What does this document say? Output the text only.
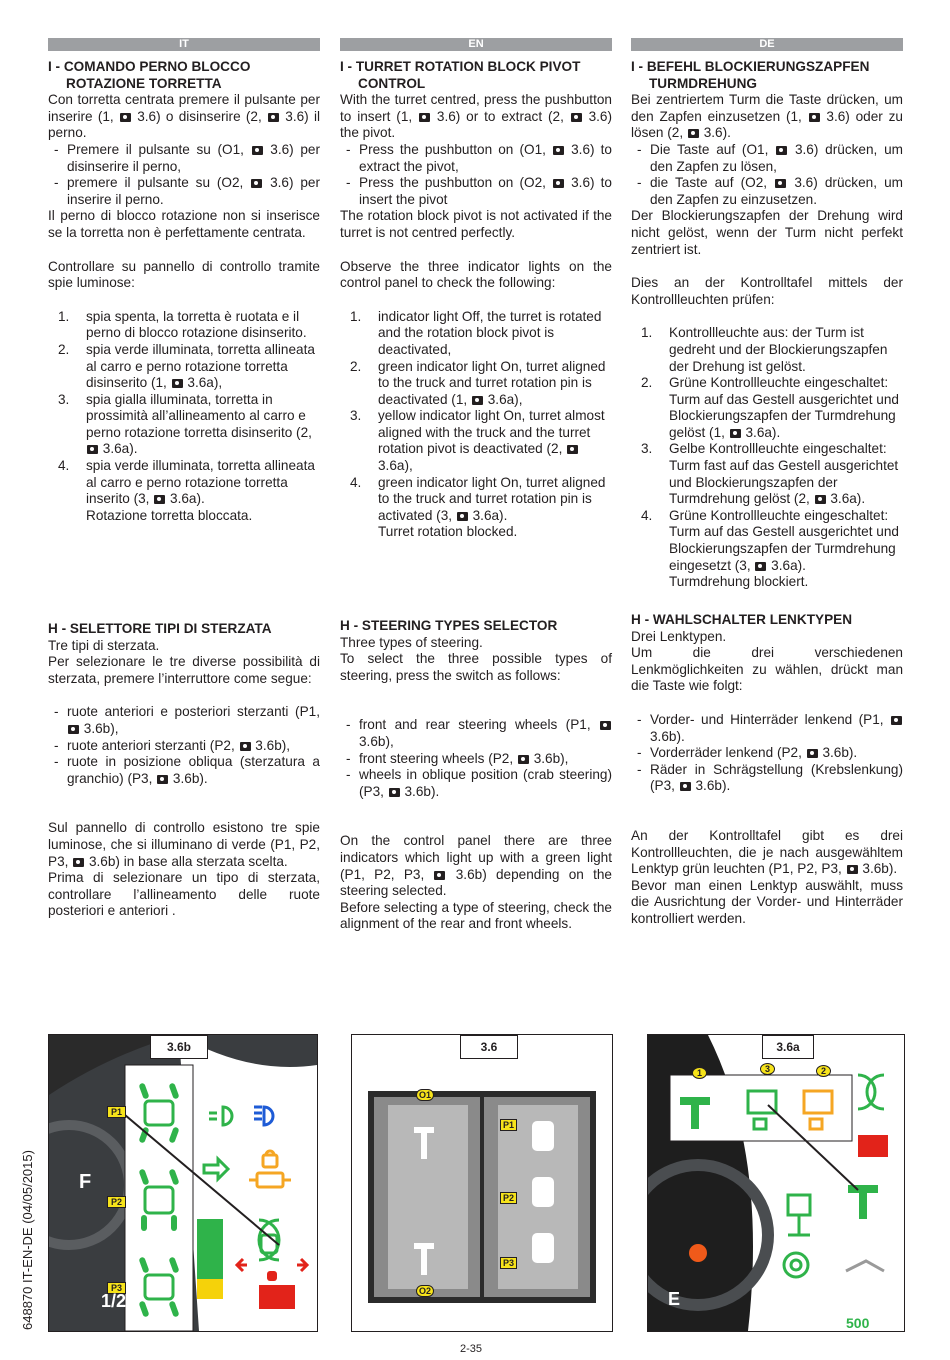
IT
I - COMANDO PERNO BLOCCO
ROTAZIONE TORRETTA

Con torretta centrata premere il pulsante per inserire (1,  3.6) o disinserire (2,  3.6) il perno.

- Premere il pulsante su (O1,  3.6) per disinserire il perno,
- premere il pulsante su (O2,  3.6) per inserire il perno.

Il perno di blocco rotazione non si inserisce se la torretta non è perfettamente centrata.

Controllare su pannello di controllo tramite spie luminose:

1. spia spenta, la torretta è ruotata e il perno di blocco rotazione disinserito.
2. spia verde illuminata, torretta allineata al carro e perno rotazione torretta disinserito (1,  3.6a),
3. spia gialla illuminata, torretta in prossimità all’allineamento al carro e perno rotazione torretta disinserito (2,  3.6a).
4. spia verde illuminata, torretta allineata al carro e perno rotazione torretta inserito (3,  3.6a).
Rotazione torretta bloccata.
H - SELETTORE TIPI DI STERZATA

Tre tipi di sterzata.

Per selezionare le tre diverse possibilità di sterzata, premere l’interruttore come segue:

- ruote anteriori e posteriori sterzanti (P1,  3.6b),
- ruote anteriori sterzanti (P2,  3.6b),
- ruote in posizione obliqua (sterzatura a granchio) (P3,  3.6b).

Sul pannello di controllo esistono tre spie luminose, che si illuminano di verde (P1, P2, P3,  3.6b) in base alla sterzata scelta.

Prima di selezionare un tipo di sterzata, controllare l’allineamento delle ruote posteriori e anteriori .

EN
I - TURRET ROTATION BLOCK PIVOT
CONTROL

With the turret centred, press the pushbutton to insert (1,  3.6) or to extract (2,  3.6) the pivot.

- Press the pushbutton on (O1,  3.6) to extract the pivot,
- Press the pushbutton on (O2,  3.6) to insert the pivot

The rotation block pivot is not activated if the turret is not centred perfectly.

Observe the three indicator lights on the control panel to check the following:

1. indicator light Off, the turret is rotated and the rotation block pivot is deactivated,
2. green indicator light On, turret aligned to the truck and turret rotation pin is deactivated (1,  3.6a),
3. yellow indicator light On, turret almost aligned with the truck and the turret rotation pivot is deactivated (2,  3.6a),
4. green indicator light On, turret aligned to the truck and turret rotation pin is activated (3,  3.6a).
Turret rotation blocked.
H - STEERING TYPES SELECTOR

Three types of steering.

To select the three possible types of steering, press the switch as follows:

- front and rear steering wheels (P1,  3.6b),
- front steering wheels (P2,  3.6b),
- wheels in oblique position (crab steering) (P3,  3.6b).

On the control panel there are three indicators which light up with a green light (P1, P2, P3,  3.6b) depending on the steering selected.

Before selecting a type of steering, check the alignment of the rear and front wheels.

DE
I - BEFEHL BLOCKIERUNGSZAPFEN
TURMDREHUNG

Bei zentriertem Turm die Taste drücken, um den Zapfen einzusetzen (1,  3.6) oder zu lösen (2,  3.6).

- Die Taste auf (O1,  3.6) drücken, um den Zapfen zu lösen,
- die Taste auf (O2,  3.6) drücken, um den Zapfen zu einzusetzen.

Der Blockierungszapfen der Drehung wird nicht gelöst, wenn der Turm nicht perfekt zentriert ist.

Dies an der Kontrolltafel mittels der Kontrollleuchten prüfen:

1. Kontrollleuchte aus: der Turm ist gedreht und der Blockierungszapfen der Drehung ist gelöst.
2. Grüne Kontrollleuchte eingeschaltet: Turm auf das Gestell ausgerichtet und Blockierungszapfen der Turmdrehung gelöst (1,  3.6a).
3. Gelbe Kontrollleuchte eingeschaltet: Turm fast auf das Gestell ausgerichtet und Blockierungszapfen der Turmdrehung gelöst (2,  3.6a).
4. Grüne Kontrollleuchte eingeschaltet: Turm auf das Gestell ausgerichtet und Blockierungszapfen der Turmdrehung eingesetzt (3,  3.6a).
Turmdrehung blockiert.
H - WAHLSCHALTER LENKTYPEN

Drei Lenktypen.

Um die drei verschiedenen Lenkmöglichkeiten zu wählen, drückt man die Taste wie folgt:

- Vorder- und Hinterräder lenkend (P1,  3.6b).
- Vorderräder lenkend (P2,  3.6b).
- Räder in Schrägstellung (Krebslenkung) (P3,  3.6b).

An der Kontrolltafel gibt es drei Kontrollleuchten, die je nach ausgewähltem Lenktyp grün leuchten (P1, P2, P3,  3.6b).

Bevor man einen Lenktyp auswählt, muss die Ausrichtung der Vorder- und Hinterräder kontrolliert werden.

3.6b
P1
P2
P3
F
1/2
3.6
O1
O2
P1
P2
P3
3.6a
1	3	2
E
500
648870 IT-EN-DE (04/05/2015)
2-35
